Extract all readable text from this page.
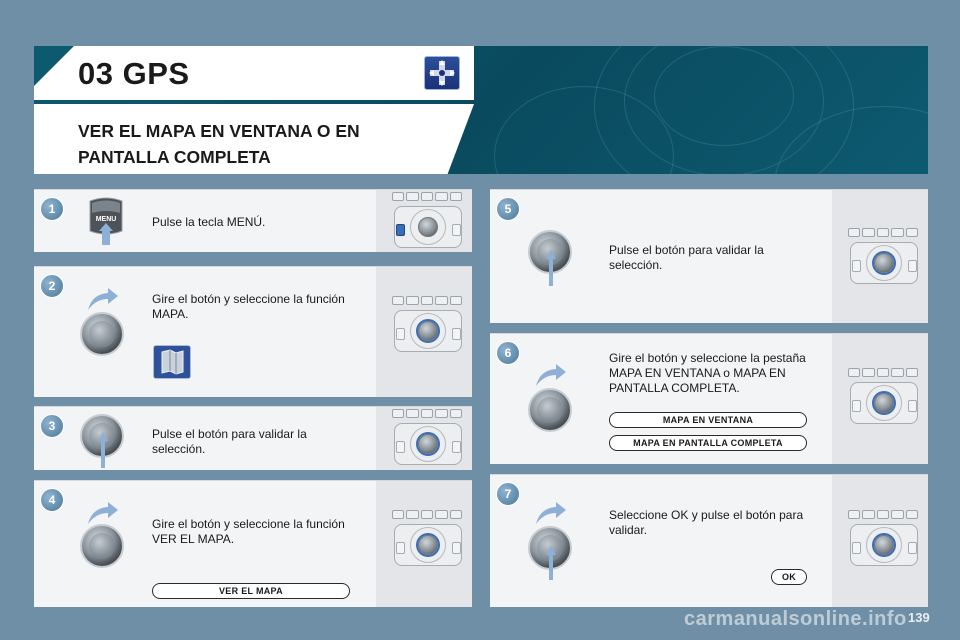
03 GPS
VER EL MAPA EN VENTANA O EN PANTALLA COMPLETA
1
MENU	Pulse la tecla MENÚ.
2
Gire el botón y seleccione la función MAPA.
3
Pulse el botón para validar la selección.
4
Gire el botón y seleccione la función VER EL MAPA.
VER EL MAPA
5
Pulse el botón para validar la selección.
6	Gire el botón y seleccione la pestaña MAPA EN VENTANA o MAPA EN PANTALLA COMPLETA.
MAPA EN VENTANA
MAPA EN PANTALLA COMPLETA
7
Seleccione OK y pulse el botón para validar.
OK
carmanualsonline.info 139
